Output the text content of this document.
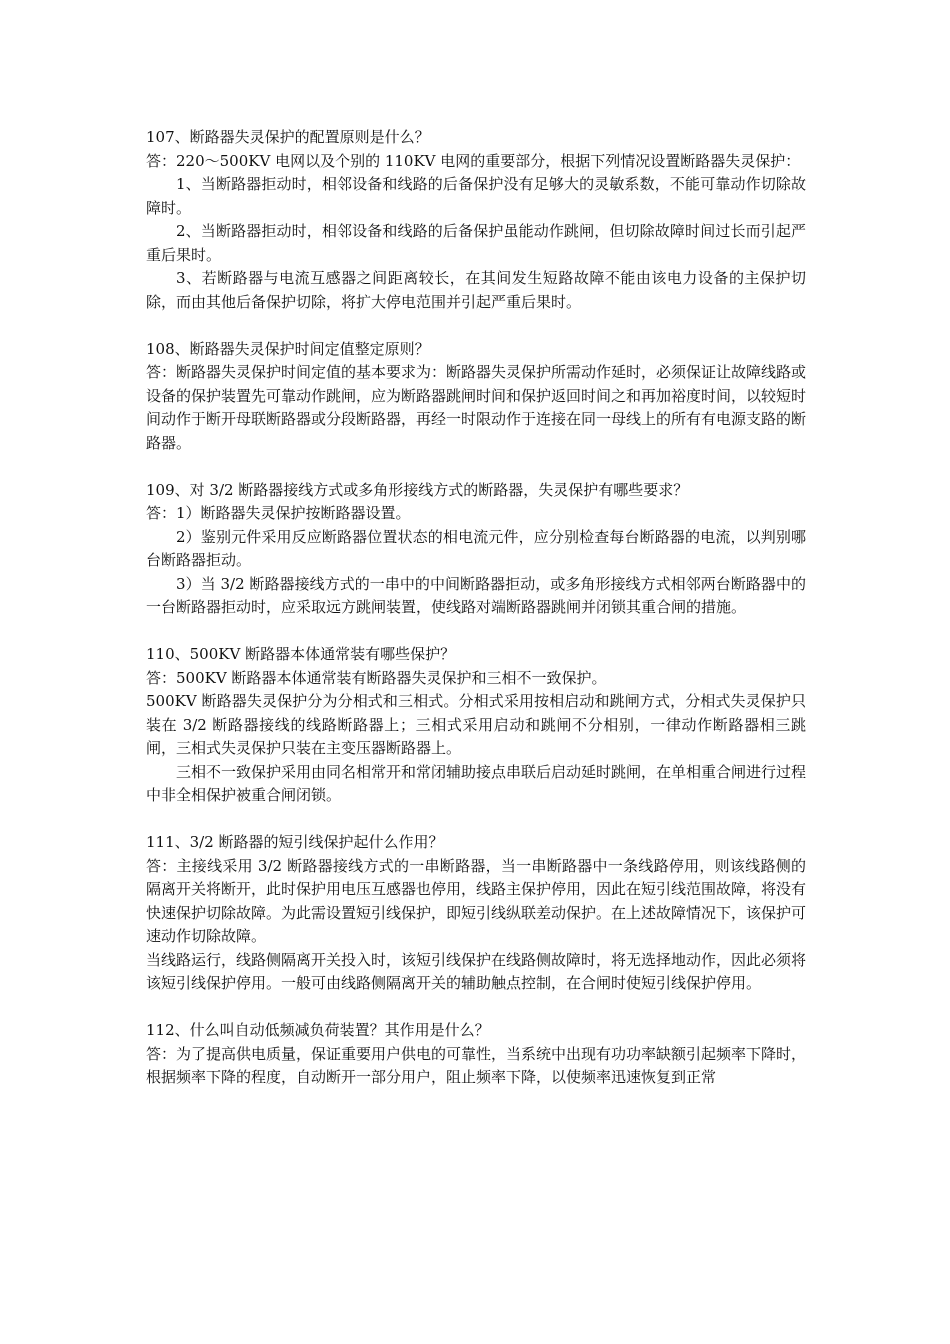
107、断路器失灵保护的配置原则是什么？

答：220～500KV 电网以及个别的 110KV 电网的重要部分，根据下列情况设置断路器失灵保护：

1、当断路器拒动时，相邻设备和线路的后备保护没有足够大的灵敏系数，不能可靠动作切除故障时。

2、当断路器拒动时，相邻设备和线路的后备保护虽能动作跳闸，但切除故障时间过长而引起严重后果时。

3、若断路器与电流互感器之间距离较长，在其间发生短路故障不能由该电力设备的主保护切除，而由其他后备保护切除，将扩大停电范围并引起严重后果时。

108、断路器失灵保护时间定值整定原则？

答：断路器失灵保护时间定值的基本要求为：断路器失灵保护所需动作延时，必须保证让故障线路或设备的保护装置先可靠动作跳闸，应为断路器跳闸时间和保护返回时间之和再加裕度时间，以较短时间动作于断开母联断路器或分段断路器，再经一时限动作于连接在同一母线上的所有有电源支路的断路器。

109、对 3/2 断路器接线方式或多角形接线方式的断路器，失灵保护有哪些要求？

答：1）断路器失灵保护按断路器设置。

2）鉴别元件采用反应断路器位置状态的相电流元件，应分别检查每台断路器的电流，以判别哪台断路器拒动。

3）当 3/2 断路器接线方式的一串中的中间断路器拒动，或多角形接线方式相邻两台断路器中的一台断路器拒动时，应采取远方跳闸装置，使线路对端断路器跳闸并闭锁其重合闸的措施。

110、500KV 断路器本体通常装有哪些保护？

答：500KV 断路器本体通常装有断路器失灵保护和三相不一致保护。

500KV 断路器失灵保护分为分相式和三相式。分相式采用按相启动和跳闸方式，分相式失灵保护只装在 3/2 断路器接线的线路断路器上；三相式采用启动和跳闸不分相别，一律动作断路器相三跳闸，三相式失灵保护只装在主变压器断路器上。

三相不一致保护采用由同名相常开和常闭辅助接点串联后启动延时跳闸，在单相重合闸进行过程中非全相保护被重合闸闭锁。

111、3/2 断路器的短引线保护起什么作用？

答：主接线采用 3/2 断路器接线方式的一串断路器，当一串断路器中一条线路停用，则该线路侧的隔离开关将断开，此时保护用电压互感器也停用，线路主保护停用，因此在短引线范围故障，将没有快速保护切除故障。为此需设置短引线保护，即短引线纵联差动保护。在上述故障情况下，该保护可速动作切除故障。

当线路运行，线路侧隔离开关投入时，该短引线保护在线路侧故障时，将无选择地动作，因此必须将该短引线保护停用。一般可由线路侧隔离开关的辅助触点控制，在合闸时使短引线保护停用。

112、什么叫自动低频减负荷装置？其作用是什么？

答：为了提高供电质量，保证重要用户供电的可靠性，当系统中出现有功功率缺额引起频率下降时，根据频率下降的程度，自动断开一部分用户，阻止频率下降，以使频率迅速恢复到正常
